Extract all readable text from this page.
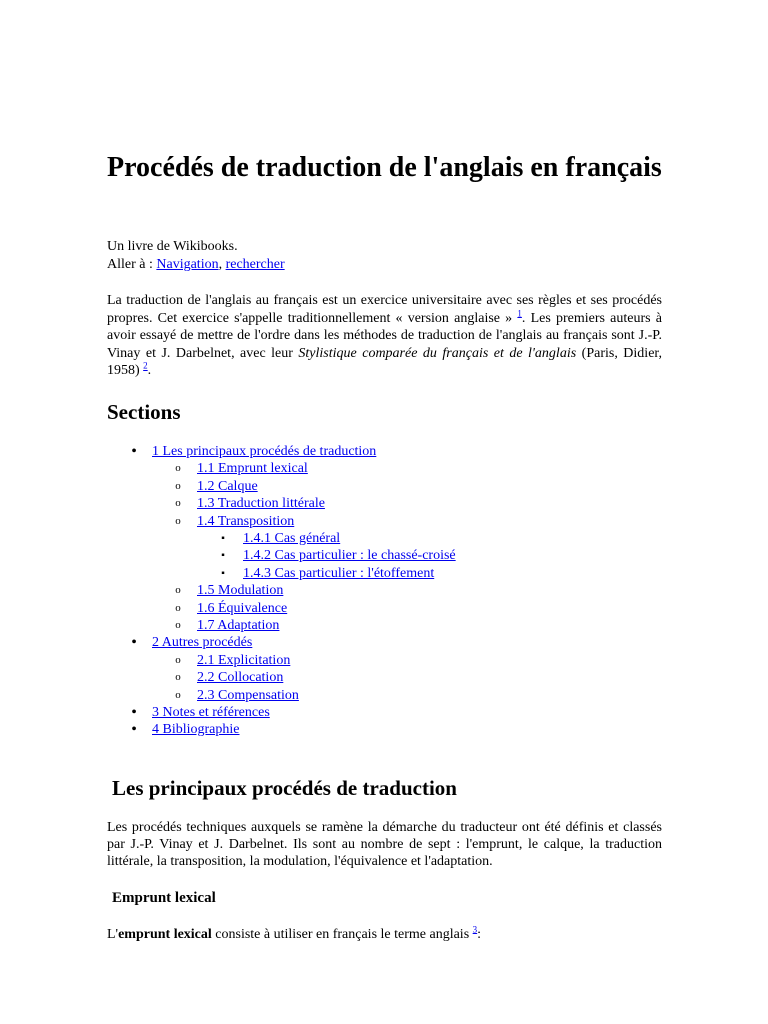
Procédés de traduction de l'anglais en français
Un livre de Wikibooks.
Aller à : Navigation, rechercher

La traduction de l'anglais au français est un exercice universitaire avec ses règles et ses procédés propres. Cet exercice s'appelle traditionnellement « version anglaise » $^1$. Les premiers auteurs à avoir essayé de mettre de l'ordre dans les méthodes de traduction de l'anglais au français sont J.-P. Vinay et J. Darbelnet, avec leur Stylistique comparée du français et de l'anglais (Paris, Didier, 1958) $^2$.

Sections
•	1 Les principaux procédés de traduction
o	1.1 Emprunt lexical
o	1.2 Calque
o	1.3 Traduction littérale
o	1.4 Transposition
▪	1.4.1 Cas général
▪	1.4.2 Cas particulier : le chassé-croisé
▪	1.4.3 Cas particulier : l'étoffement
o	1.5 Modulation
o	1.6 Équivalence
o	1.7 Adaptation
•	2 Autres procédés
o	2.1 Explicitation
o	2.2 Collocation
o	2.3 Compensation
•	3 Notes et références
•	4 Bibliographie
Les principaux procédés de traduction

Les procédés techniques auxquels se ramène la démarche du traducteur ont été définis et classés par J.-P. Vinay et J. Darbelnet. Ils sont au nombre de sept : l'emprunt, le calque, la traduction littérale, la transposition, la modulation, l'équivalence et l'adaptation.

Emprunt lexical

L'emprunt lexical consiste à utiliser en français le terme anglais $^3$:
